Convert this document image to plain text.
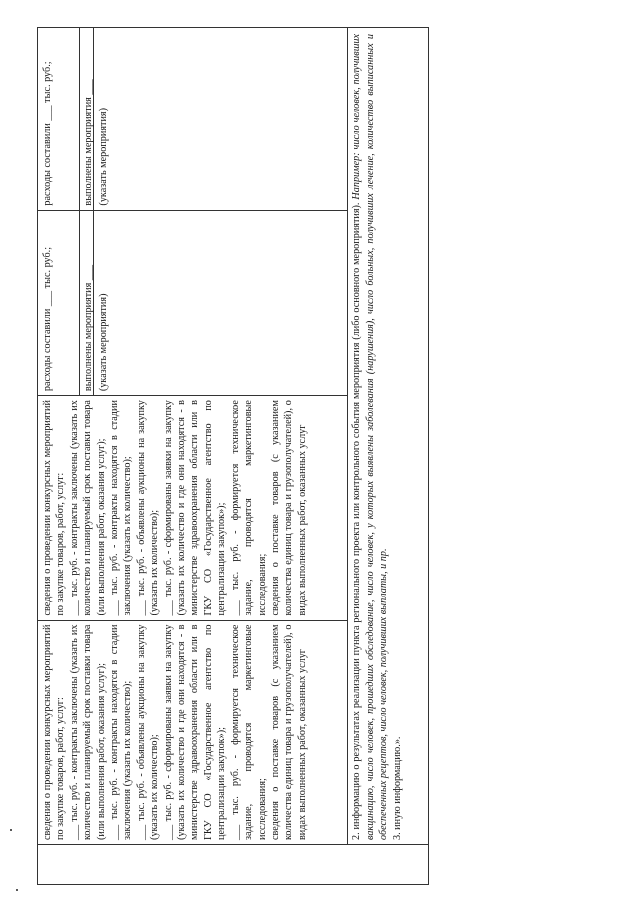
сведения о проведении конкурсных мероприятий по закупке товаров, работ, услуг: ___ тыс. руб. - контракты заключены (указать их количество и планируемый срок поставки товара (или выполнения работ, оказания услуг); ___ тыс. руб. - контракты находятся в стадии заключения (указать их количество); ___ тыс. руб. - объявлены аукционы на закупку (указать их количество); ___ тыс. руб. - сформированы заявки на закупку (указать их количество и где они находятся - в министерстве здравоохранения области или в ГКУ СО «Государственное агентство по централизации закупок»); ___ тыс. руб. - формируется техническое задание, проводятся маркетинговые исследования; сведения о поставке товаров (с указанием количества единиц товара и грузополучателей), о видах выполненных работ, оказанных услуг

сведения о проведении конкурсных мероприятий по закупке товаров, работ, услуг: ___ тыс. руб. - контракты заключены (указать их количество и планируемый срок поставки товара (или выполнения работ, оказания услуг); ___ тыс. руб. - контракты находятся в стадии заключения (указать их количество); ___ тыс. руб. - объявлены аукционы на закупку (указать их количество); ___ тыс. руб. - сформированы заявки на закупку (указать их количество и где они находятся - в министерстве здравоохранения области или в ГКУ СО «Государственное агентство по централизации закупок»); ___ тыс. руб. - формируется техническое задание, проводятся маркетинговые исследования; сведения о поставке товаров (с указанием количества единиц товара и грузополучателей), о видах выполненных работ, оказанных услуг

расходы составили ___ тыс. руб.;	выполнены мероприятия ___ (указать мероприятия)
расходы составили ___ тыс. руб.;	выполнены мероприятия ___ (указать мероприятия)

2. информацию о результатах реализации пункта регионального проекта или контрольного события мероприятия (либо основного мероприятия). Например: число человек, получивших вакцинацию, число человек, прошедших обследование, число человек, у которых выявлены заболевания (нарушения), число больных, получивших лечение, количество выписанных и обеспеченных рецептов, число человек, получивших выплаты, и пр. 3. иную информацию.».
